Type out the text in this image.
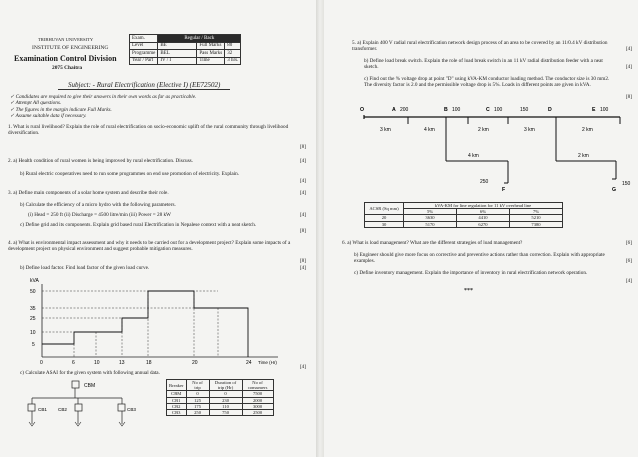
TRIBHUVAN UNIVERSITY
INSTITUTE OF ENGINEERING
Examination Control Division
2075 Chaitra
Exam.	Regular / Back		
Level	BE	Full Marks	80
Programme	BEL	Pass Marks	32
Year / Part	IV / I	Time	3 hrs.
Subject: - Rural Electrification (Elective I) (EE72502)
✓ Candidates are required to give their answers in their own words as far as practicable.
✓ Attempt All questions.
✓ The figures in the margin indicate Full Marks.
✓ Assume suitable data if necessary.
1. What is rural livelihood? Explain the role of rural electrification on socio-economic uplift of the rural community through livelihood diversification.
[8]
2. a) Health condition of rural women is being improved by rural electrification. Discuss.	[4]
b) Rural electric cooperatives need to run some programmes on end use promotion of electricity. Explain.
[4]
3. a) Define main components of a solar home system and describe their role.	[4]
b) Calculate the efficiency of a micro hydro with the following parameters.
(i) Head = 250 ft (ii) Discharge = 4500 litre/min (iii) Power = 28 kW	[4]
c) Define grid and its components. Explain grid based rural Electrification in Nepalese context with a neat sketch.
[8]
4. a) What is environmental impact assessment and why it needs to be carried out for a development project? Explain some impacts of a development project on physical environment and suggest probable mitigation measures.
[8]
b) Define load factor. Find load factor of the given load curve.	[4]
kVA
50
35
25
10
5
0	6	10	13	18	20	24 Time (Hr)
c) Calculate ASAI for the given system with following annual data.
[4]
CBM
CB1 CB2	CB3
Breaker	No of trip	Duration of trip (Hr)	No of consumers
CBM	0	0	7500
CB1	125	230	2000
CB2	175	110	3000
CB3	250	750	2500
5. a) Explain 400 V radial rural electrification network design process of an area to be covered by an 11/0.4 kV distribution transformer.	[4]
b) Define load break switch. Explain the role of load break switch in an 11 kV radial distribution feeder with a neat sketch.	[4]
c) Find out the % voltage drop at point "D" using kVA-KM conductor loading method. The conductor size is 30 mm2. The diversity factor is 2.0 and the permissible voltage drop is 5%. Loads in different points are given in kVA.
[8]
O	A	B	C	D	E
F	G
200	100	100	150	100
250	150
3 km	4 km	2 km	3 km	2 km
4 km	2 km
ACSR (Sq mm)	kVA-KM for line regulation for 11 kV overhead line		
	5%	6%	7%
20	3630	4410	5210
30	5170	6270	7380
6. a) What is load management? What are the different strategies of load management?	[6]
b) Engineer should give more focus on corrective and preventive actions rather than correction. Explain with appropriate examples.	[6]
c) Define inventory management. Explain the importance of inventory in rural electrification network operation.
[4]
***
